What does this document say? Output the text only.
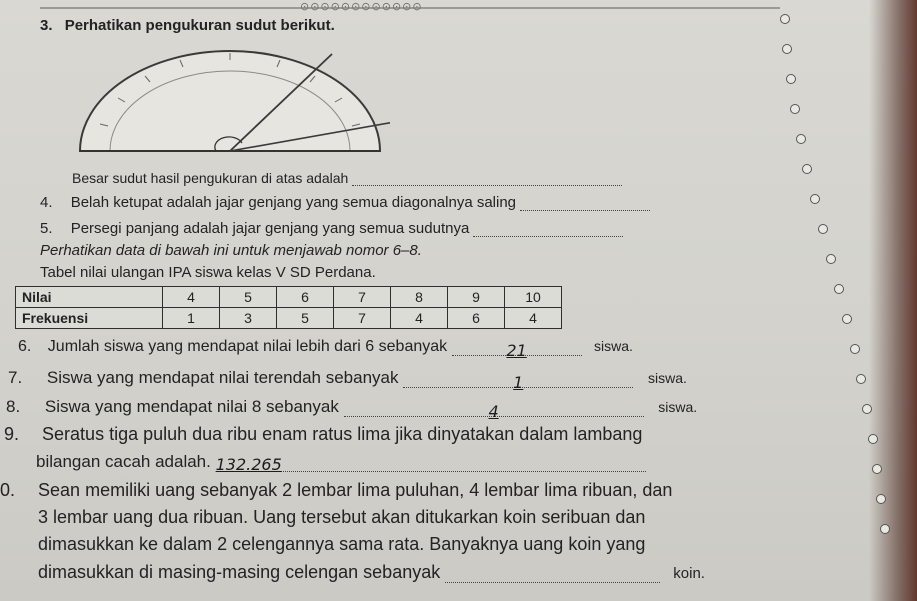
⊙⊙⊙⊙⊙⊙⊙⊙⊙⊙⊙⊙
3. Perhatikan pengukuran sudut berikut.
Besar sudut hasil pengukuran di atas adalah
4. Belah ketupat adalah jajar genjang yang semua diagonalnya saling
5. Persegi panjang adalah jajar genjang yang semua sudutnya
Perhatikan data di bawah ini untuk menjawab nomor 6–8.
Tabel nilai ulangan IPA siswa kelas V SD Perdana.
Nilai	4	5	6	7	8	9	10
Frekuensi	1	3	5	7	4	6	4
6. Jumlah siswa yang mendapat nilai lebih dari 6 sebanyak	21	siswa.
7. Siswa yang mendapat nilai terendah sebanyak	1	siswa.
8. Siswa yang mendapat nilai 8 sebanyak	4	siswa.
9. Seratus tiga puluh dua ribu enam ratus lima jika dinyatakan dalam lambang
bilangan cacah adalah. 132.265
0. Sean memiliki uang sebanyak 2 lembar lima puluhan, 4 lembar lima ribuan, dan
3 lembar uang dua ribuan. Uang tersebut akan ditukarkan koin seribuan dan
dimasukkan ke dalam 2 celengannya sama rata. Banyaknya uang koin yang
dimasukkan di masing-masing celengan sebanyak	koin.
